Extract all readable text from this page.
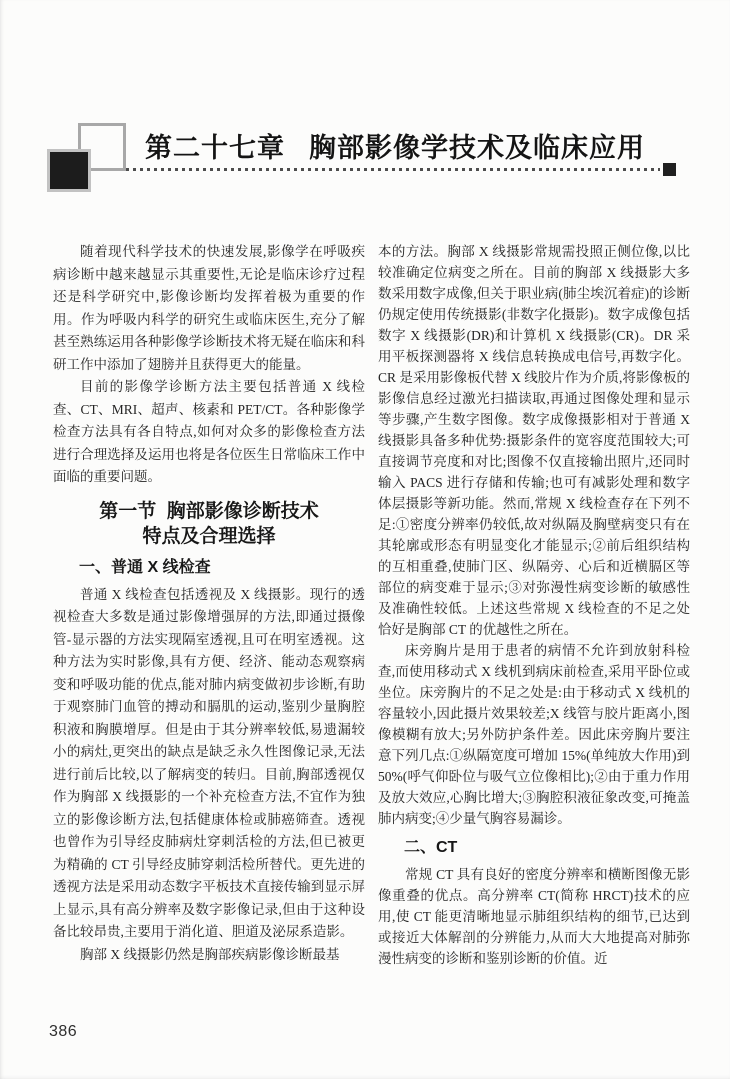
第二十七章 胸部影像学技术及临床应用

随着现代科学技术的快速发展,影像学在呼吸疾病诊断中越来越显示其重要性,无论是临床诊疗过程还是科学研究中,影像诊断均发挥着极为重要的作用。作为呼吸内科学的研究生或临床医生,充分了解甚至熟练运用各种影像学诊断技术将无疑在临床和科研工作中添加了翅膀并且获得更大的能量。

目前的影像学诊断方法主要包括普通 X 线检查、CT、MRI、超声、核素和 PET/CT。各种影像学检查方法具有各自特点,如何对众多的影像检查方法进行合理选择及运用也将是各位医生日常临床工作中面临的重要问题。

第一节 胸部影像诊断技术
特点及合理选择
一、普通 X 线检查

普通 X 线检查包括透视及 X 线摄影。现行的透视检查大多数是通过影像增强屏的方法,即通过摄像管-显示器的方法实现隔室透视,且可在明室透视。这种方法为实时影像,具有方便、经济、能动态观察病变和呼吸功能的优点,能对肺内病变做初步诊断,有助于观察肺门血管的搏动和膈肌的运动,鉴别少量胸腔积液和胸膜增厚。但是由于其分辨率较低,易遗漏较小的病灶,更突出的缺点是缺乏永久性图像记录,无法进行前后比较,以了解病变的转归。目前,胸部透视仅作为胸部 X 线摄影的一个补充检查方法,不宜作为独立的影像诊断方法,包括健康体检或肺癌筛查。透视也曾作为引导经皮肺病灶穿刺活检的方法,但已被更为精确的 CT 引导经皮肺穿刺活检所替代。更先进的透视方法是采用动态数字平板技术直接传输到显示屏上显示,具有高分辨率及数字影像记录,但由于这种设备比较昂贵,主要用于消化道、胆道及泌尿系造影。

胸部 X 线摄影仍然是胸部疾病影像诊断最基

本的方法。胸部 X 线摄影常规需投照正侧位像,以比较准确定位病变之所在。目前的胸部 X 线摄影大多数采用数字成像,但关于职业病(肺尘埃沉着症)的诊断仍规定使用传统摄影(非数字化摄影)。数字成像包括数字 X 线摄影(DR)和计算机 X 线摄影(CR)。DR 采用平板探测器将 X 线信息转换成电信号,再数字化。CR 是采用影像板代替 X 线胶片作为介质,将影像板的影像信息经过激光扫描读取,再通过图像处理和显示等步骤,产生数字图像。数字成像摄影相对于普通 X 线摄影具备多种优势:摄影条件的宽容度范围较大;可直接调节亮度和对比;图像不仅直接输出照片,还同时输入 PACS 进行存储和传输;也可有减影处理和数字体层摄影等新功能。然而,常规 X 线检查存在下列不足:①密度分辨率仍较低,故对纵隔及胸壁病变只有在其轮廓或形态有明显变化才能显示;②前后组织结构的互相重叠,使肺门区、纵隔旁、心后和近横膈区等部位的病变难于显示;③对弥漫性病变诊断的敏感性及准确性较低。上述这些常规 X 线检查的不足之处恰好是胸部 CT 的优越性之所在。

床旁胸片是用于患者的病情不允许到放射科检查,而使用移动式 X 线机到病床前检查,采用平卧位或坐位。床旁胸片的不足之处是:由于移动式 X 线机的容量较小,因此摄片效果较差;X 线管与胶片距离小,图像模糊有放大;另外防护条件差。因此床旁胸片要注意下列几点:①纵隔宽度可增加 15%(单纯放大作用)到 50%(呼气仰卧位与吸气立位像相比);②由于重力作用及放大效应,心胸比增大;③胸腔积液征象改变,可掩盖肺内病变;④少量气胸容易漏诊。

二、CT

常规 CT 具有良好的密度分辨率和横断图像无影像重叠的优点。高分辨率 CT(简称 HRCT)技术的应用,使 CT 能更清晰地显示肺组织结构的细节,已达到或接近大体解剖的分辨能力,从而大大地提高对肺弥漫性病变的诊断和鉴别诊断的价值。近

386
